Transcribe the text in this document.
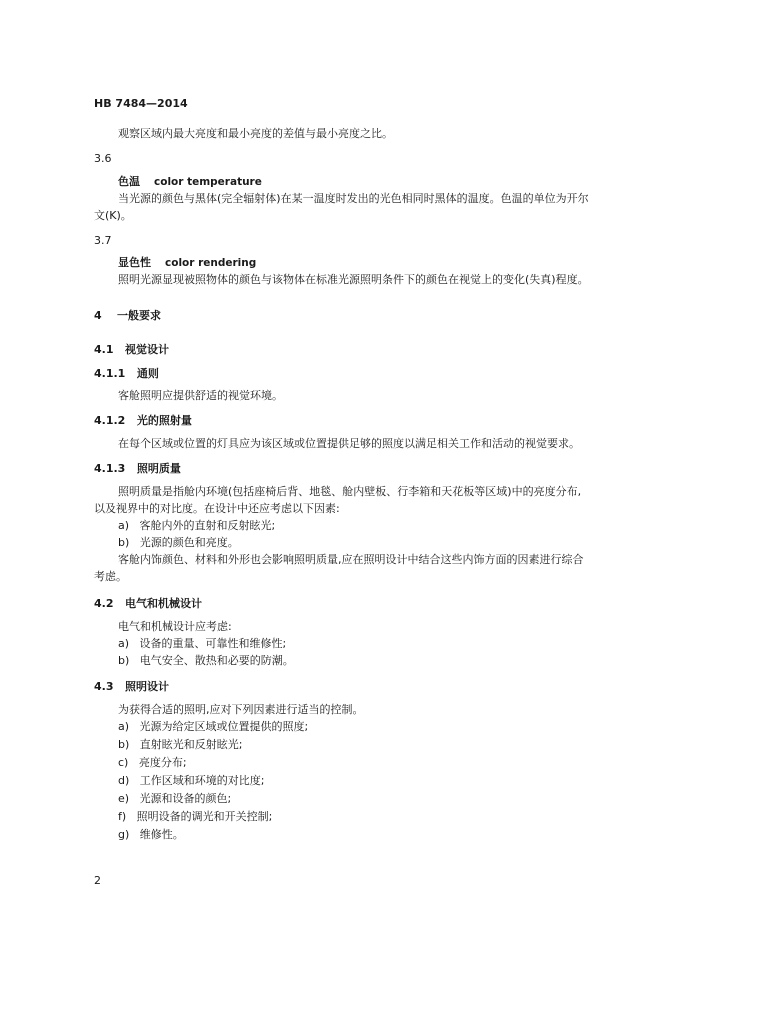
HB 7484—2014
观察区域内最大亮度和最小亮度的差值与最小亮度之比。
3.6
色温 color temperature
当光源的颜色与黑体(完全辐射体)在某一温度时发出的光色相同时黑体的温度。色温的单位为开尔
文(K)。
3.7
显色性 color rendering
照明光源显现被照物体的颜色与该物体在标准光源照明条件下的颜色在视觉上的变化(失真)程度。
4 一般要求
4.1 视觉设计
4.1.1 通则
客舱照明应提供舒适的视觉环境。
4.1.2 光的照射量
在每个区域或位置的灯具应为该区域或位置提供足够的照度以满足相关工作和活动的视觉要求。
4.1.3 照明质量
照明质量是指舱内环境(包括座椅后背、地毯、舱内壁板、行李箱和天花板等区域)中的亮度分布,
以及视界中的对比度。在设计中还应考虑以下因素:
a) 客舱内外的直射和反射眩光;
b) 光源的颜色和亮度。
客舱内饰颜色、材料和外形也会影响照明质量,应在照明设计中结合这些内饰方面的因素进行综合
考虑。
4.2 电气和机械设计
电气和机械设计应考虑:
a) 设备的重量、可靠性和维修性;
b) 电气安全、散热和必要的防潮。
4.3 照明设计
为获得合适的照明,应对下列因素进行适当的控制。
a) 光源为给定区域或位置提供的照度;
b) 直射眩光和反射眩光;
c) 亮度分布;
d) 工作区域和环境的对比度;
e) 光源和设备的颜色;
f) 照明设备的调光和开关控制;
g) 维修性。
2
